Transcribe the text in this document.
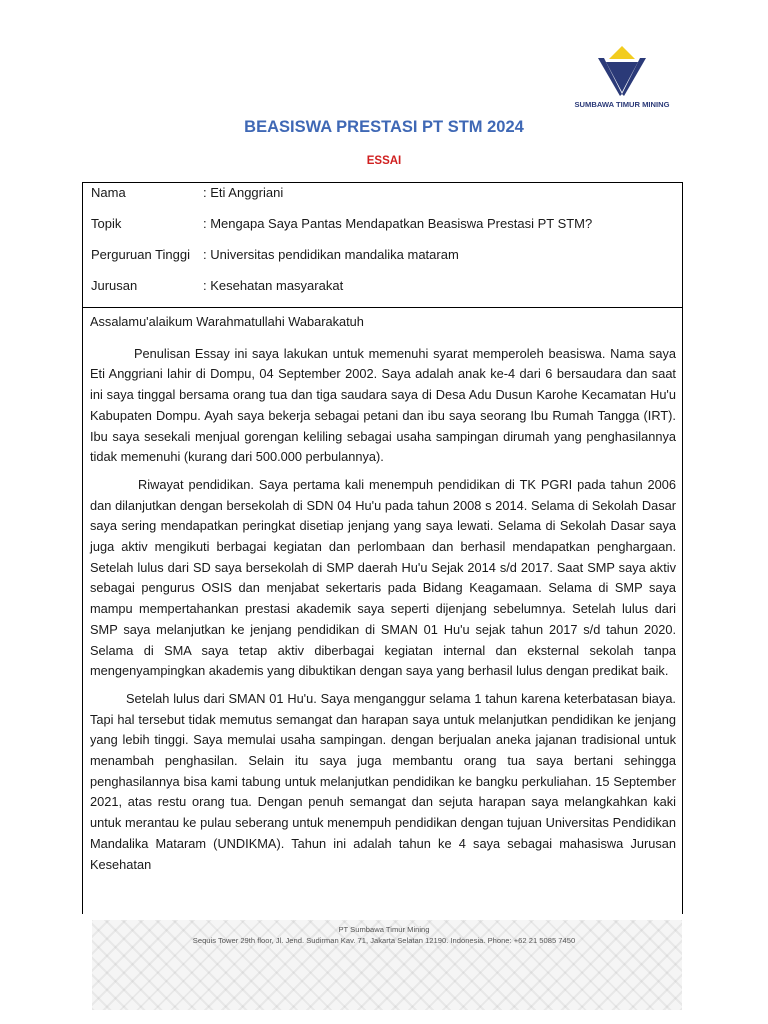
SUMBAWA TIMUR MINING
BEASISWA PRESTASI PT STM 2024
ESSAI
Nama	: Eti Anggriani
Topik	: Mengapa Saya Pantas Mendapatkan Beasiswa Prestasi PT STM?
Perguruan Tinggi : Universitas pendidikan mandalika mataram
Jurusan	: Kesehatan masyarakat

Assalamu'alaikum Warahmatullahi Wabarakatuh

Penulisan Essay ini saya lakukan untuk memenuhi syarat memperoleh beasiswa. Nama saya Eti Anggriani lahir di Dompu, 04 September 2002. Saya adalah anak ke-4 dari 6 bersaudara dan saat ini saya tinggal bersama orang tua dan tiga saudara saya di Desa Adu Dusun Karohe Kecamatan Hu'u Kabupaten Dompu. Ayah saya bekerja sebagai petani dan ibu saya seorang Ibu Rumah Tangga (IRT). Ibu saya sesekali menjual gorengan keliling sebagai usaha sampingan dirumah yang penghasilannya tidak memenuhi (kurang dari 500.000 perbulannya).

Riwayat pendidikan. Saya pertama kali menempuh pendidikan di TK PGRI pada tahun 2006 dan dilanjutkan dengan bersekolah di SDN 04 Hu'u pada tahun 2008 s 2014. Selama di Sekolah Dasar saya sering mendapatkan peringkat disetiap jenjang yang saya lewati. Selama di Sekolah Dasar saya juga aktiv mengikuti berbagai kegiatan dan perlombaan dan berhasil mendapatkan penghargaan. Setelah lulus dari SD saya bersekolah di SMP daerah Hu'u Sejak 2014 s/d 2017. Saat SMP saya aktiv sebagai pengurus OSIS dan menjabat sekertaris pada Bidang Keagamaan. Selama di SMP saya mampu mempertahankan prestasi akademik saya seperti dijenjang sebelumnya. Setelah lulus dari SMP saya melanjutkan ke jenjang pendidikan di SMAN 01 Hu'u sejak tahun 2017 s/d tahun 2020. Selama di SMA saya tetap aktiv diberbagai kegiatan internal dan eksternal sekolah tanpa mengenyampingkan akademis yang dibuktikan dengan saya yang berhasil lulus dengan predikat baik.

Setelah lulus dari SMAN 01 Hu'u. Saya menganggur selama 1 tahun karena keterbatasan biaya. Tapi hal tersebut tidak memutus semangat dan harapan saya untuk melanjutkan pendidikan ke jenjang yang lebih tinggi. Saya memulai usaha sampingan. dengan berjualan aneka jajanan tradisional untuk menambah penghasilan. Selain itu saya juga membantu orang tua saya bertani sehingga penghasilannya bisa kami tabung untuk melanjutkan pendidikan ke bangku perkuliahan. 15 September 2021, atas restu orang tua. Dengan penuh semangat dan sejuta harapan saya melangkahkan kaki untuk merantau ke pulau seberang untuk menempuh pendidikan dengan tujuan Universitas Pendidikan Mandalika Mataram (UNDIKMA). Tahun ini adalah tahun ke 4 saya sebagai mahasiswa Jurusan Kesehatan

PT Sumbawa Timur Mining
Sequis Tower 29th floor, Jl. Jend. Sudirman Kav. 71, Jakarta Selatan 12190. Indonesia. Phone: +62 21 5085 7450
